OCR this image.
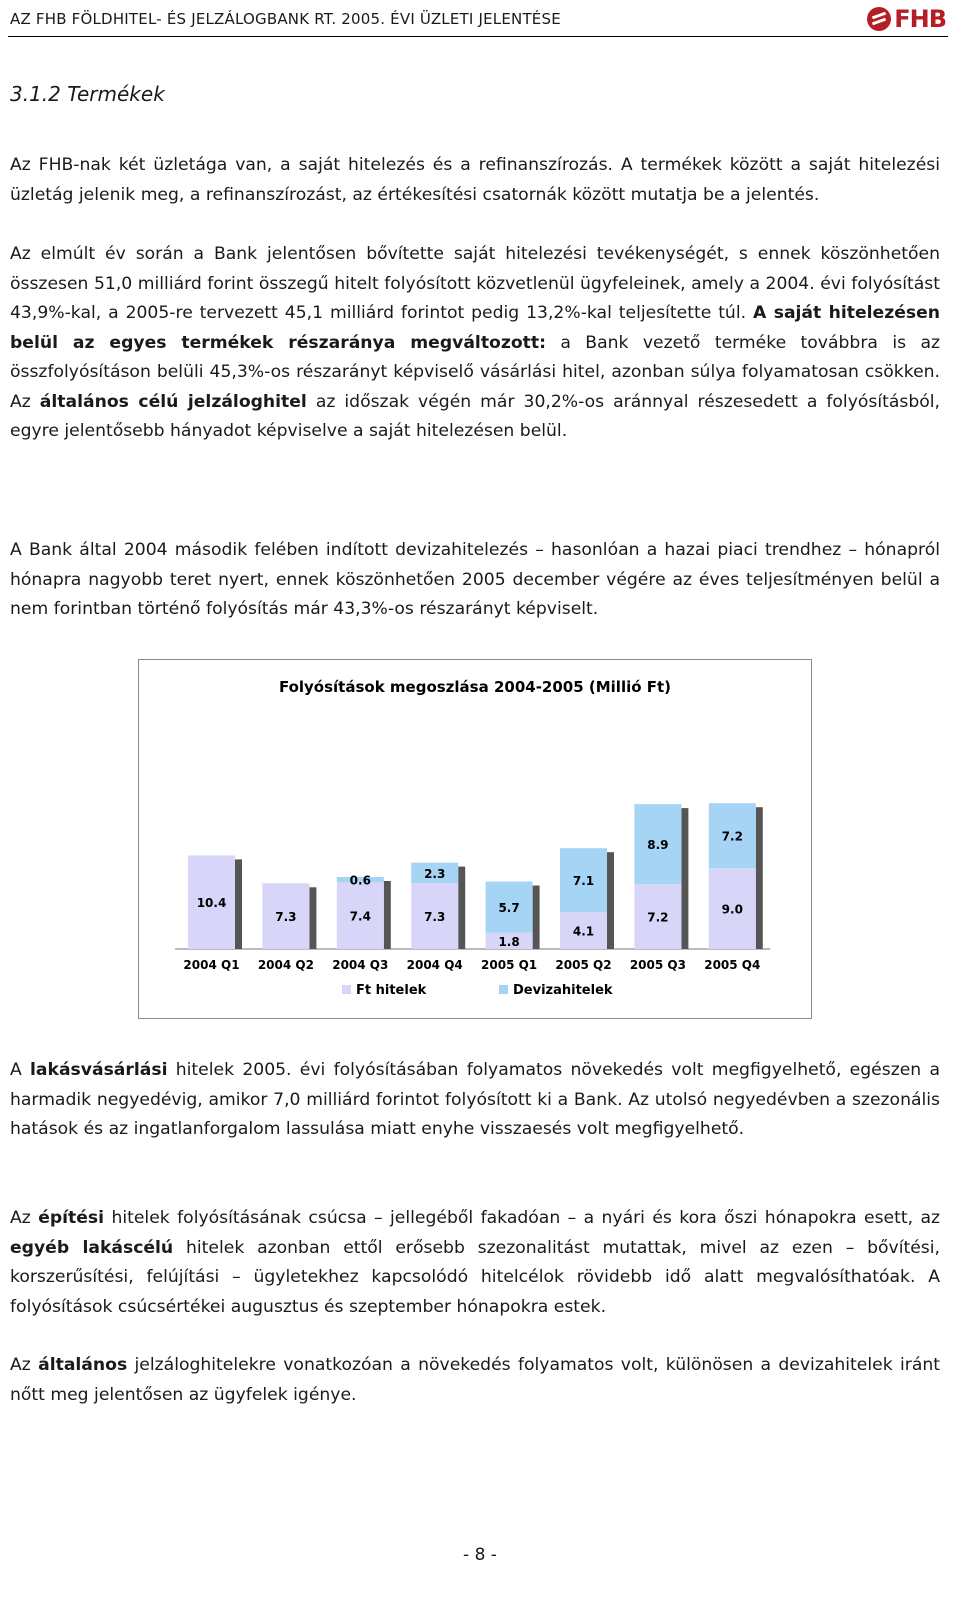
AZ FHB FÖLDHITEL- ÉS JELZÁLOGBANK RT. 2005. ÉVI ÜZLETI JELENTÉSE	FHB
3.1.2 Termékek

Az FHB-nak két üzletága van, a saját hitelezés és a refinanszírozás. A termékek között a saját hitelezési üzletág jelenik meg, a refinanszírozást, az értékesítési csatornák között mutatja be a jelentés.

Az elmúlt év során a Bank jelentősen bővítette saját hitelezési tevékenységét, s ennek köszönhetően összesen 51,0 milliárd forint összegű hitelt folyósított közvetlenül ügyfeleinek, amely a 2004. évi folyósítást 43,9%-kal, a 2005-re tervezett 45,1 milliárd forintot pedig 13,2%-kal teljesítette túl. A saját hitelezésen belül az egyes termékek részaránya megváltozott: a Bank vezető terméke továbbra is az összfolyósításon belüli 45,3%-os részarányt képviselő vásárlási hitel, azonban súlya folyamatosan csökken. Az általános célú jelzáloghitel az időszak végén már 30,2%-os aránnyal részesedett a folyósításból, egyre jelentősebb hányadot képviselve a saját hitelezésen belül.

A Bank által 2004 második felében indított devizahitelezés – hasonlóan a hazai piaci trendhez – hónapról hónapra nagyobb teret nyert, ennek köszönhetően 2005 december végére az éves teljesítményen belül a nem forintban történő folyósítás már 43,3%-os részarányt képviselt.

Folyósítások megoszlása 2004-2005 (Millió Ft)
10.4
2004 Q1
7.3
2004 Q2
7.4
0.6
2004 Q3
7.3
2.3
2004 Q4
1.8
5.7
2005 Q1
4.1
7.1
2005 Q2
7.2
8.9
2005 Q3
9.0
7.2
2005 Q4
Ft hitelek	Devizahitelek

A lakásvásárlási hitelek 2005. évi folyósításában folyamatos növekedés volt megfigyelhető, egészen a harmadik negyedévig, amikor 7,0 milliárd forintot folyósított ki a Bank. Az utolsó negyedévben a szezonális hatások és az ingatlanforgalom lassulása miatt enyhe visszaesés volt megfigyelhető.

Az építési hitelek folyósításának csúcsa – jellegéből fakadóan – a nyári és kora őszi hónapokra esett, az egyéb lakáscélú hitelek azonban ettől erősebb szezonalitást mutattak, mivel az ezen – bővítési, korszerűsítési, felújítási – ügyletekhez kapcsolódó hitelcélok rövidebb idő alatt megvalósíthatóak. A folyósítások csúcsértékei augusztus és szeptember hónapokra estek.

Az általános jelzáloghitelekre vonatkozóan a növekedés folyamatos volt, különösen a devizahitelek iránt nőtt meg jelentősen az ügyfelek igénye.

- 8 -
